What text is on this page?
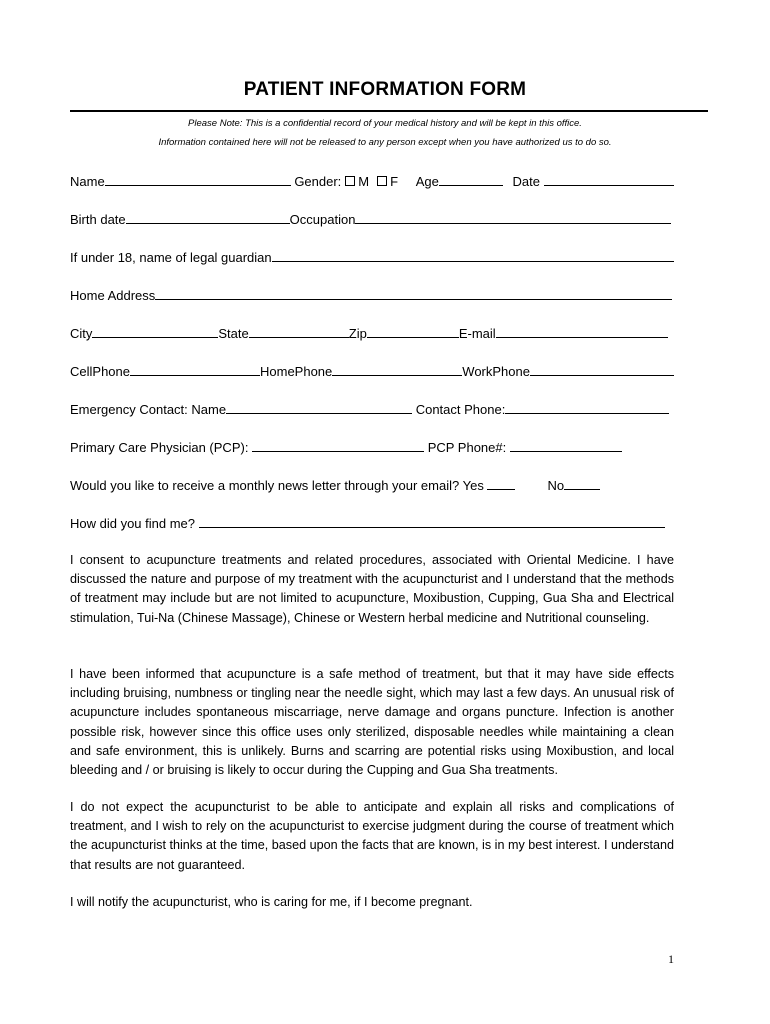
PATIENT INFORMATION FORM
Please Note: This is a confidential record of your medical history and will be kept in this office.
Information contained here will not be released to any person except when you have authorized us to do so.
Name	Gender: M F Age	Date
Birth date	Occupation
If under 18, name of legal guardian
Home Address
City	State	Zip	E-mail
CellPhone	HomePhone	WorkPhone
Emergency Contact: Name	Contact Phone:
Primary Care Physician (PCP):	PCP Phone#:
Would you like to receive a monthly news letter through your email? Yes	No
How did you find me?
I consent to acupuncture treatments and related procedures, associated with Oriental Medicine. I have discussed the nature and purpose of my treatment with the acupuncturist and I understand that the methods of treatment may include but are not limited to acupuncture, Moxibustion, Cupping, Gua Sha and Electrical stimulation, Tui-Na (Chinese Massage), Chinese or Western herbal medicine and Nutritional counseling.
I have been informed that acupuncture is a safe method of treatment, but that it may have side effects including bruising, numbness or tingling near the needle sight, which may last a few days. An unusual risk of acupuncture includes spontaneous miscarriage, nerve damage and organs puncture. Infection is another possible risk, however since this office uses only sterilized, disposable needles while maintaining a clean and safe environment, this is unlikely. Burns and scarring are potential risks using Moxibustion, and local bleeding and / or bruising is likely to occur during the Cupping and Gua Sha treatments.
I do not expect the acupuncturist to be able to anticipate and explain all risks and complications of treatment, and I wish to rely on the acupuncturist to exercise judgment during the course of treatment which the acupuncturist thinks at the time, based upon the facts that are known, is in my best interest. I understand that results are not guaranteed.
I will notify the acupuncturist, who is caring for me, if I become pregnant.
1
